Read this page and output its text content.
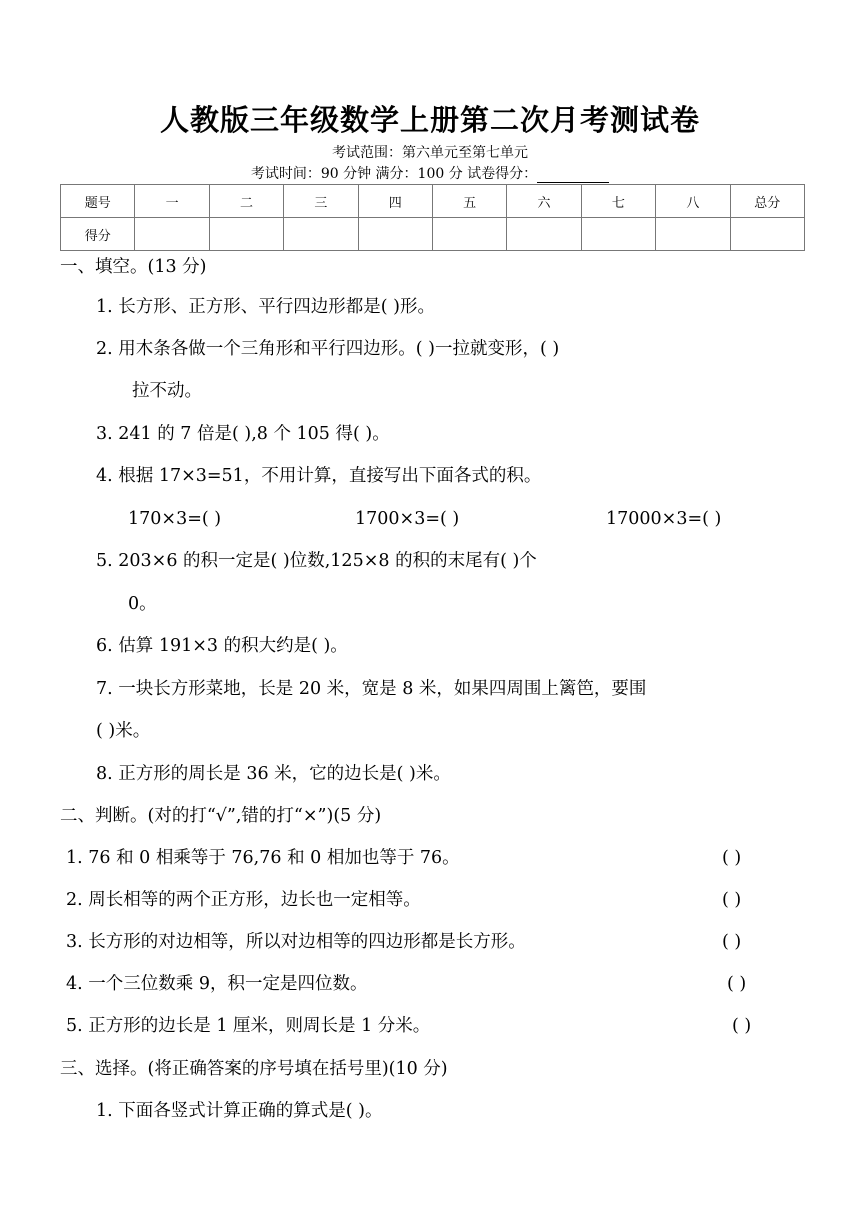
人教版三年级数学上册第二次月考测试卷
考试范围：第六单元至第七单元
考试时间：90 分钟 满分：100 分 试卷得分：
题号	一	二	三	四	五	六	七	八	总分
得分									
一、填空。(13 分)
1. 长方形、正方形、平行四边形都是( )形。
2. 用木条各做一个三角形和平行四边形。( )一拉就变形，( )
拉不动。
3. 241 的 7 倍是( ),8 个 105 得( )。
4. 根据 17×3=51，不用计算，直接写出下面各式的积。
170×3=( )	1700×3=( )	17000×3=( )
5. 203×6 的积一定是( )位数,125×8 的积的末尾有( )个
0。
6. 估算 191×3 的积大约是( )。
7. 一块长方形菜地，长是 20 米，宽是 8 米，如果四周围上篱笆，要围
( )米。
8. 正方形的周长是 36 米，它的边长是( )米。
二、判断。(对的打“√”,错的打“×”)(5 分)
1. 76 和 0 相乘等于 76,76 和 0 相加也等于 76。	( )
2. 周长相等的两个正方形，边长也一定相等。	( )
3. 长方形的对边相等，所以对边相等的四边形都是长方形。	( )
4. 一个三位数乘 9，积一定是四位数。	( )
5. 正方形的边长是 1 厘米，则周长是 1 分米。	( )
三、选择。(将正确答案的序号填在括号里)(10 分)
1. 下面各竖式计算正确的算式是( )。
